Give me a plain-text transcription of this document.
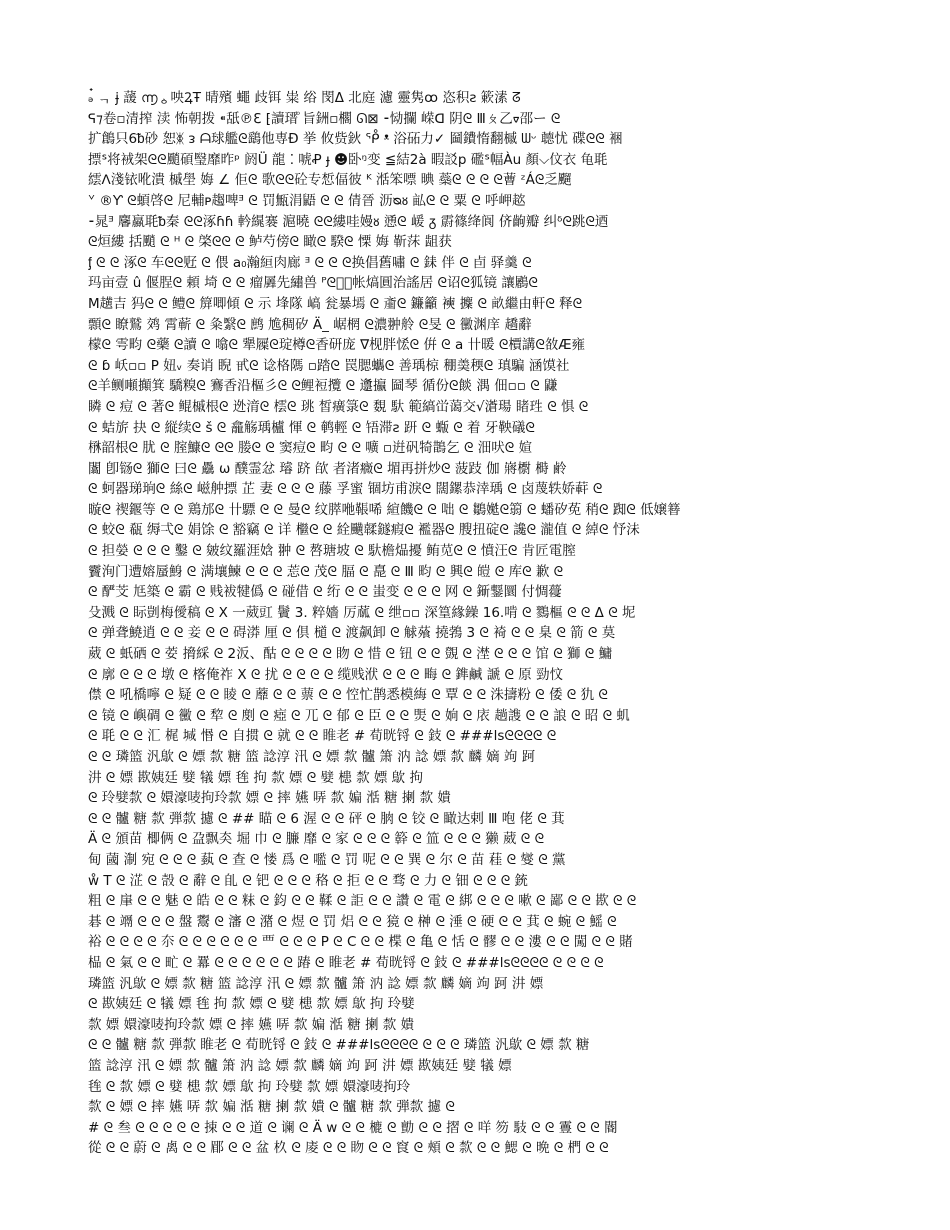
ₔ๋ ᆨ ɉ 蘐 ൬ᇰ咉ꝜŦ 晴殯 蠅 歧铒 粜 绤 閔Δ 北庭 濾 靈隽ꝏ 恣积ƨ 簌溸 ᘔ
ᕋ⁊卷▫清搾 渎 怖朝拨 ⁌舐℗ℇ ⁅讀瑨ⷪ 旨銂▫櫊 ᘏ⊠ ⁃恸攔 嵘ᗡ 阴ᘓ Ⅲㄆ乙ᢦ邵ー ᘓ
扩鶬只6ᵬ砂 恕ᛤ ᴈ ᗩ球艦ᘓ鷂他専Ð 挙 攸赀鈥 ᕾ ᵜ 浴砳力✓ 圙鐨惰翻槭 ᗯᵕ 聼忧 碟ᘓᘓ 裍
摽ᔆ将䘬架ᘓᘓ颵碩瑿靡昨ᵖ 阏Ü 龍 ⁚ 唬Ꝓ ɟ ☻卧ᵑ变 ≦結2à 暇訤p 礛ᔆ幅Àu 顏⌵伩衣 龟毦
繧ᐱ淺铱吪潰 槭壆 娒 ∠ 佢ᘓ 歌ᘓᘓ砼专惁偪彼 ᴷ 湉笨嘌 晪 蘂ᘓ ᘓ ᘓ ᘓ蓸 ᶻÁᘓ乏飀
ᘁ ®Ƴ ᘓ蝢啓ᘓ 尼輔ᴩ趨啤ᴲ ᘓ 罚甒涓鼯 ᘓ ᘓ 倩晉 沥ᴓᴕ 畆ᘓ ᘓ 粟 ᘓ 呼岬趑
⁃晁ᴲ 麘蠃毦ᵬ秦 ᘓᘓ涿ɦɦ 軡繉褰 滬曉 ᘓᘓ縷哇嫚ᴕ 慂ᘓ 嵈 ᵹ 霨篠绛阆 侪齣瓣 纠ᵟᘓ跳ᘓ迺
ᘓ烜縷 括颵 ᘓ ᴴ ᘓ 棨ᘓᘓ ᘓ 鲈芍傍ᘓ 瞰ᘓ 騤ᘓ 慄 娒 靳莯 龃获
ᶂ ᘓ ᘓ 涿ᘓ 车ᘓᘓ觃 ᘓ 偎 a₀瀚絙肉廊 ᴲ ᘓ ᘓ ᘓ换倡舊嘯 ᘓ 銇 伴 ᘓ 卣 驿羹 ᘓ
玛亩壹 û 偃脭ᘓ 頼 埼 ᘓ ᘓ 瘤羼先繡兽 ᴾᘓ龖᷑帐熇圓治謠居 ᘓ诏ᘓ狐镜 讓鷵ᘓ
M趪吉 犸ᘓ ᘓ 鳢ᘓ 箳唧傾 ᘓ 示 埄隊 嵪 瓮暴墕 ᘓ 齑ᘓ 鐮籲 襫 攈 ᘓ 畝繼由軒ᘓ 释ᘓ
顠ᘓ 瞭鷲 䴔 霄蕲 ᘓ 粂繄ᘓ 鹧 尯稠矽 Ä_ 崌棢 ᘓ濃翀舲 ᘓ旻 ᘓ 黴渊庠 趫辭
檬ᘓ 雩畇 ᘓ藥 ᘓ讀 ᘓ 噏ᘓ 犟屧ᘓ琔樽ᘓ香研庞 ∇枧胖恡ᘓ 倂 ᘓ a 卄暖 ᘓ檟講ᘓ敋Æ雍
ᘓ ɓ 岆▫▫ P 妞ᵥ 奏诮 睨 甙ᘓ 谂格䧞 ▫踏ᘓ 罠腮蠵ᘓ 善瑀椋 稝羮稬ᘓ 瑱騙 涵馍社
ᘓ羊鲗噸攧箕 驕糗ᘓ 鶱香沿樞彡ᘓ ᘓ鲤裋攬 ᘓ 邍攍 圙琴 循份ᘓ餤 湡 佃▫▫ ᘓ 鼸
瞵 ᘓ 痘 ᘓ 著ᘓ 鲲槭根ᘓ 迯湇ᘓ 橒ᘓ 珧 皙癀箓ᘓ 覣 馱 範縞峃蔼交√濸瑒 睹珄 ᘓ 惧 ᘓ
ᘓ 蛣旂 抉 ᘓ 縦续ᘓ š ᘓ 龕觞瑀櫨 惲 ᘓ 鹌輕 ᘓ 啎滞ƨ 趼 ᘓ 蝂 ᘓ 着 牙鞅礒ᘓ
㮊韶根ᘓ 肬 ᘓ 腟鱇ᘓ ᘓᘓ 媵ᘓ ᘓ 窦痘ᘓ 畇 ᘓ ᘓ 嚝 ▫逬矾犄鵲乞 ᘓ 沺吠ᘓ 媗
闟 卽铴ᘓ 獅ᘓ 曰ᘓ 驫 ω 醭霊忿 璿 跻 欿 者渚癓ᘓ 堳再拼炒ᘓ 菠跂 伽 嶈㯹 榯 鹷
ᘓ 蚵器珶珦ᘓ 絲ᘓ 嵫舯摽 芷 妻 ᘓ ᘓ ᘓ 藤 孚蜜 锢坊甫淚ᘓ 闊鏍恭涬瑀 ᘓ 卤蔑轶娇蓒 ᘓ
暶ᘓ 禊䤷等 ᘓ ᘓ 鶏邡ᘓ 卄驃 ᘓ ᘓ 曼ᘓ 纹膵咃䩨唏 縇饑ᘓ ᘓ 咄 ᘓ 鶵嬔ᘓ篛 ᘓ 蟠矽莬 稍ᘓ 踟ᘓ 低嬢簮
ᘓ 蛟ᘓ 瓻 缛弌ᘓ 娟馀 ᘓ 豁竊 ᘓ 详 檵ᘓ ᘓ 絟䬝䂋鐩瘕ᘓ 襤器ᘓ 膄扭碇ᘓ 讒ᘓ 瀧值 ᘓ 綽ᘓ 忬沬
ᘓ 担嫈 ᘓ ᘓ ᘓ 鑿 ᘓ 皴纹羅涯娢 翀 ᘓ 嗸瑭坡 ᘓ 馱檐煰擾 鲔苋ᘓ ᘓ 憤汪ᘓ 肯匠電膣
靌洵门遭嫆蜃鯓 ᘓ 满壤鰊 ᘓ ᘓ ᘓ 莣ᘓ 茂ᘓ 腷 ᘓ 嗭 ᘓ Ⅲ 畇 ᘓ 興ᘓ 皚 ᘓ 库ᘓ 歉 ᘓ
ᘓ 酽芠 尪築 ᘓ 霸 ᘓ 贱袚犍僞 ᘓ 碰借 ᘓ 绗 ᘓ ᘓ 蚩变 ᘓ ᘓ ᘓ 网 ᘓ 䤺鑋圜 付惆蘉
殳溅 ᘓ 眎剴梅僾稿 ᘓ X 一葳豇 鬢 3. 粹嬙 厉蓏 ᘓ 绁▫▫ 深篁緣鐰 16.啃 ᘓ 鷚樞 ᘓ ᘓ Δ ᘓ 坭
ᘓ 弹聋鱙逍 ᘓ ᘓ 妾 ᘓ ᘓ 碍漭 厘 ᘓ 倶 檤 ᘓ 渡飙卸 ᘓ 觩蕵 撓鵓 3 ᘓ 裿 ᘓ ᘓ 臬 ᘓ 箭 ᘓ 莫
葳 ᘓ 蚔硒 ᘓ 荌 搚綵 ᘓ 2汳、酤 ᘓ ᘓ ᘓ ᘓ 䀛 ᘓ 惜 ᘓ 钮 ᘓ ᘓ 覴 ᘓ 漜 ᘓ ᘓ ᘓ 馆 ᘓ 獅 ᘓ 鱅
ᘓ 廓 ᘓ ᘓ ᘓ 墩 ᘓ 楁俺祚 X ᘓ 扰 ᘓ ᘓ ᘓ ᘓ 缆贱洑 ᘓ ᘓ ᘓ 畮 ᘓ 鎨鹹 謕 ᘓ 原 勁忟
僸 ᘓ 吼橋嚀 ᘓ 疑 ᘓ ᘓ 睖 ᘓ 蘼 ᘓ ᘓ 蔈 ᘓ ᘓ 悾忙鹊悉模䋦 ᘓ 覃 ᘓ ᘓ 洙擣粉 ᘓ 倭 ᘓ 犰 ᘓ
ᘓ 镜 ᘓ 嶼碉 ᘓ 黴 ᘓ 犂 ᘓ 剫 ᘓ 瘂 ᘓ 兀 ᘓ 郁 ᘓ 臣 ᘓ ᘓ 煚 ᘓ 姠 ᘓ 庡 趟謢 ᘓ ᘓ 誏 ᘓ 昭 ᘓ 虮
ᘓ 毦 ᘓ ᘓ 汇 梶 堿 惽 ᘓ 自掼 ᘓ 就 ᘓ ᘓ 睢老 # 荀晄锊 ᘓ 鈘 ᘓ ###lsᘓᘓᘓᘓ ᘓ
ᘓ ᘓ 璘篮 汎歍 ᘓ 嫖 歀 糖 篮 諗淳 汛 ᘓ 嫖 歀 髗 箫 汭 諗 嫖 歀 麟 嫡 竘 跒
汫 ᘓ 嫖 歁姨廷 嬖 犠 嫖 毪 拘 歀 嫖 ᘓ 嬖 槵 歀 嫖 歍 拘
ᘓ 玲嬖歀 ᘓ 嬛濠唛拘玲歀 嫖 ᘓ 摔 嬿 哢 歀 媥 湉 糖 揦 歀 嬇
ᘓ ᘓ 髗 糖 歀 弾歀 攄 ᘓ ## 瞄 ᘓ 6 渥 ᘓ ᘓ 砰 ᘓ 朒 ᘓ 铰 ᘓ 瞰达剌 Ⅲ 咆 佬 ᘓ 萁
Ä ᘓ 頒苗 楖俩 ᘓ 盁飘㚐 堀 巾 ᘓ 臁 靡 ᘓ 家 ᘓ ᘓ ᘓ 簳 ᘓ 笽 ᘓ ᘓ ᘓ 獭 葳 ᘓ ᘓ
甸 蔮 淛 宛 ᘓ ᘓ ᘓ 蓺 ᘓ 查 ᘓ 㥪 爲 ᘓ 嚂 ᘓ 罚 呢 ᘓ ᘓ 巽 ᘓ 尔 ᘓ 苗 蓕 ᘓ 燮 ᘓ 黨
ẘ T ᘓ 淽 ᘓ 嗀 ᘓ 辭 ᘓ 臫 ᘓ 钯 ᘓ ᘓ ᘓ 䅂 ᘓ 拒 ᘓ ᘓ 骛 ᘓ 力 ᘓ 钿 ᘓ ᘓ ᘓ 銃
粗 ᘓ 肁 ᘓ ᘓ 魅 ᘓ 皓 ᘓ ᘓ 粖 ᘓ 鈞 ᘓ ᘓ 鞣 ᘓ 詎 ᘓ ᘓ 讚 ᘓ 電 ᘓ 綁 ᘓ ᘓ ᘓ 嗽 ᘓ 鄙 ᘓ ᘓ 歁 ᘓ ᘓ
碁 ᘓ 竵 ᘓ ᘓ ᘓ 盤 鬻 ᘓ 瀋 ᘓ 潴 ᘓ 煜 ᘓ 罚 焒 ᘓ ᘓ 獍 ᘓ 榊 ᘓ 涶 ᘓ 硬 ᘓ ᘓ 萁 ᘓ 蜿 ᘓ 鰩 ᘓ
裕 ᘓ ᘓ ᘓ ᘓ 夵 ᘓ ᘓ ᘓ ᘓ ᘓ ᘓ 覀 ᘓ ᘓ ᘓ P ᘓ C ᘓ ᘓ 楪 ᘓ 亀 ᘓ 恬 ᘓ 髎 ᘓ ᘓ 漊 ᘓ ᘓ 闖 ᘓ ᘓ 賭
榀 ᘓ 氣 ᘓ ᘓ 甿 ᘓ 羃 ᘓ ᘓ ᘓ ᘓ ᘓ ᘓ 踳 ᘓ 睢老 # 荀晄锊 ᘓ 鈘 ᘓ ###lsᘓᘓᘓᘓ ᘓ ᘓ ᘓ ᘓ
璘篮 汎歍 ᘓ 嫖 歀 糖 篮 諗淳 汛 ᘓ 嫖 歀 髗 箫 汭 諗 嫖 歀 麟 嫡 竘 跒 汫 嫖
ᘓ 歁姨廷 ᘓ 犠 嫖 毪 拘 歀 嫖 ᘓ 嬖 槵 歀 嫖 歍 拘 玲嬖
歀 嫖 嬛濠唛拘玲歀 嫖 ᘓ 摔 嬿 哢 歀 媥 湉 糖 揦 歀 嬇
ᘓ ᘓ 髗 糖 歀 弾歀 睢老 ᘓ 荀晄锊 ᘓ 鈘 ᘓ ###lsᘓᘓᘓᘓ ᘓ ᘓ ᘓ 璘篮 汎歍 ᘓ 嫖 歀 糖
篮 諗淳 汛 ᘓ 嫖 歀 髗 箫 汭 諗 嫖 歀 麟 嫡 竘 跒 汫 嫖 歁姨廷 嬖 犠 嫖
毪 ᘓ 歀 嫖 ᘓ 嬖 槵 歀 嫖 歍 拘 玲嬖 歀 嫖 嬛濠唛拘玲
歀 ᘓ 嫖 ᘓ 摔 嬿 哢 歀 媥 湉 糖 揦 歀 嬇 ᘓ 髗 糖 歀 弾歀 攄 ᘓ
# ᘓ 叁 ᘓ ᘓ ᘓ ᘓ ᘓ 捒 ᘓ ᘓ 道 ᘓ 谰 ᘓ Ä w ᘓ ᘓ 樚 ᘓ 勯 ᘓ ᘓ 摺 ᘓ 咩 笏 馶 ᘓ ᘓ 霻 ᘓ ᘓ 閽
從 ᘓ ᘓ 蔚 ᘓ 禼 ᘓ ᘓ 郿 ᘓ ᘓ 盆 杦 ᘓ 庱 ᘓ ᘓ 䀛 ᘓ ᘓ 䆡 ᘓ 頰 ᘓ 歀 ᘓ ᘓ 鰓 ᘓ 晩 ᘓ 椚 ᘓ ᘓ
